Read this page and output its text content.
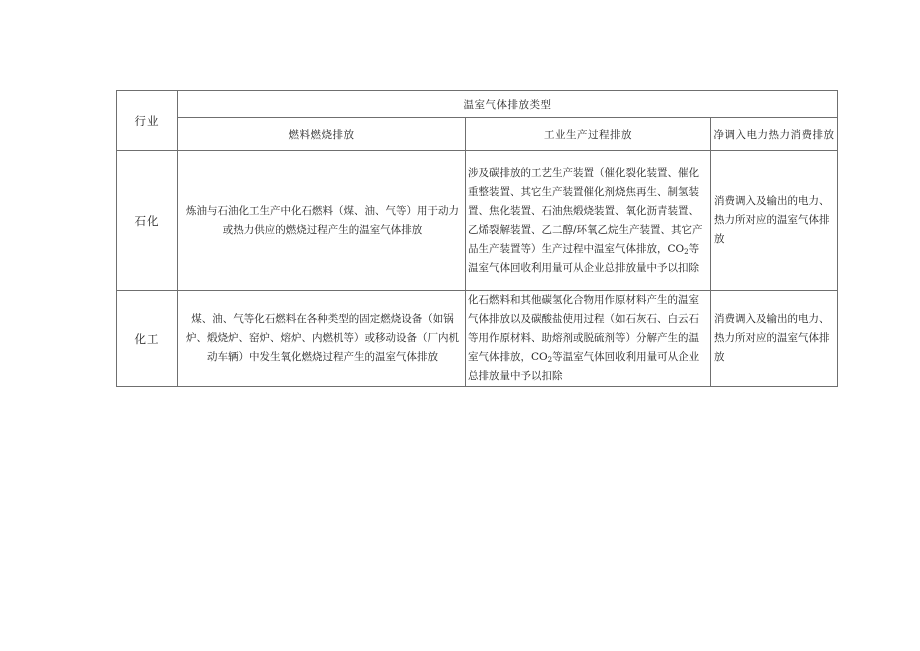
行业	温室气体排放类型		
	燃料燃烧排放	工业生产过程排放	净调入电力热力消费排放
石化	炼油与石油化工生产中化石燃料（煤、油、气等）用于动力或热力供应的燃烧过程产生的温室气体排放	涉及碳排放的工艺生产装置（催化裂化装置、催化重整装置、其它生产装置催化剂烧焦再生、制氢装置、焦化装置、石油焦煅烧装置、氧化沥青装置、乙烯裂解装置、乙二醇/环氧乙烷生产装置、其它产品生产装置等）生产过程中温室气体排放，$CO_2$等温室气体回收利用量可从企业总排放量中予以扣除	消费调入及输出的电力、热力所对应的温室气体排放
化工	煤、油、气等化石燃料在各种类型的固定燃烧设备（如锅炉、煅烧炉、窑炉、熔炉、内燃机等）或移动设备（厂内机动车辆）中发生氧化燃烧过程产生的温室气体排放	化石燃料和其他碳氢化合物用作原材料产生的温室气体排放以及碳酸盐使用过程（如石灰石、白云石等用作原材料、助熔剂或脱硫剂等）分解产生的温室气体排放，$CO_2$等温室气体回收利用量可从企业总排放量中予以扣除	消费调入及输出的电力、热力所对应的温室气体排放
